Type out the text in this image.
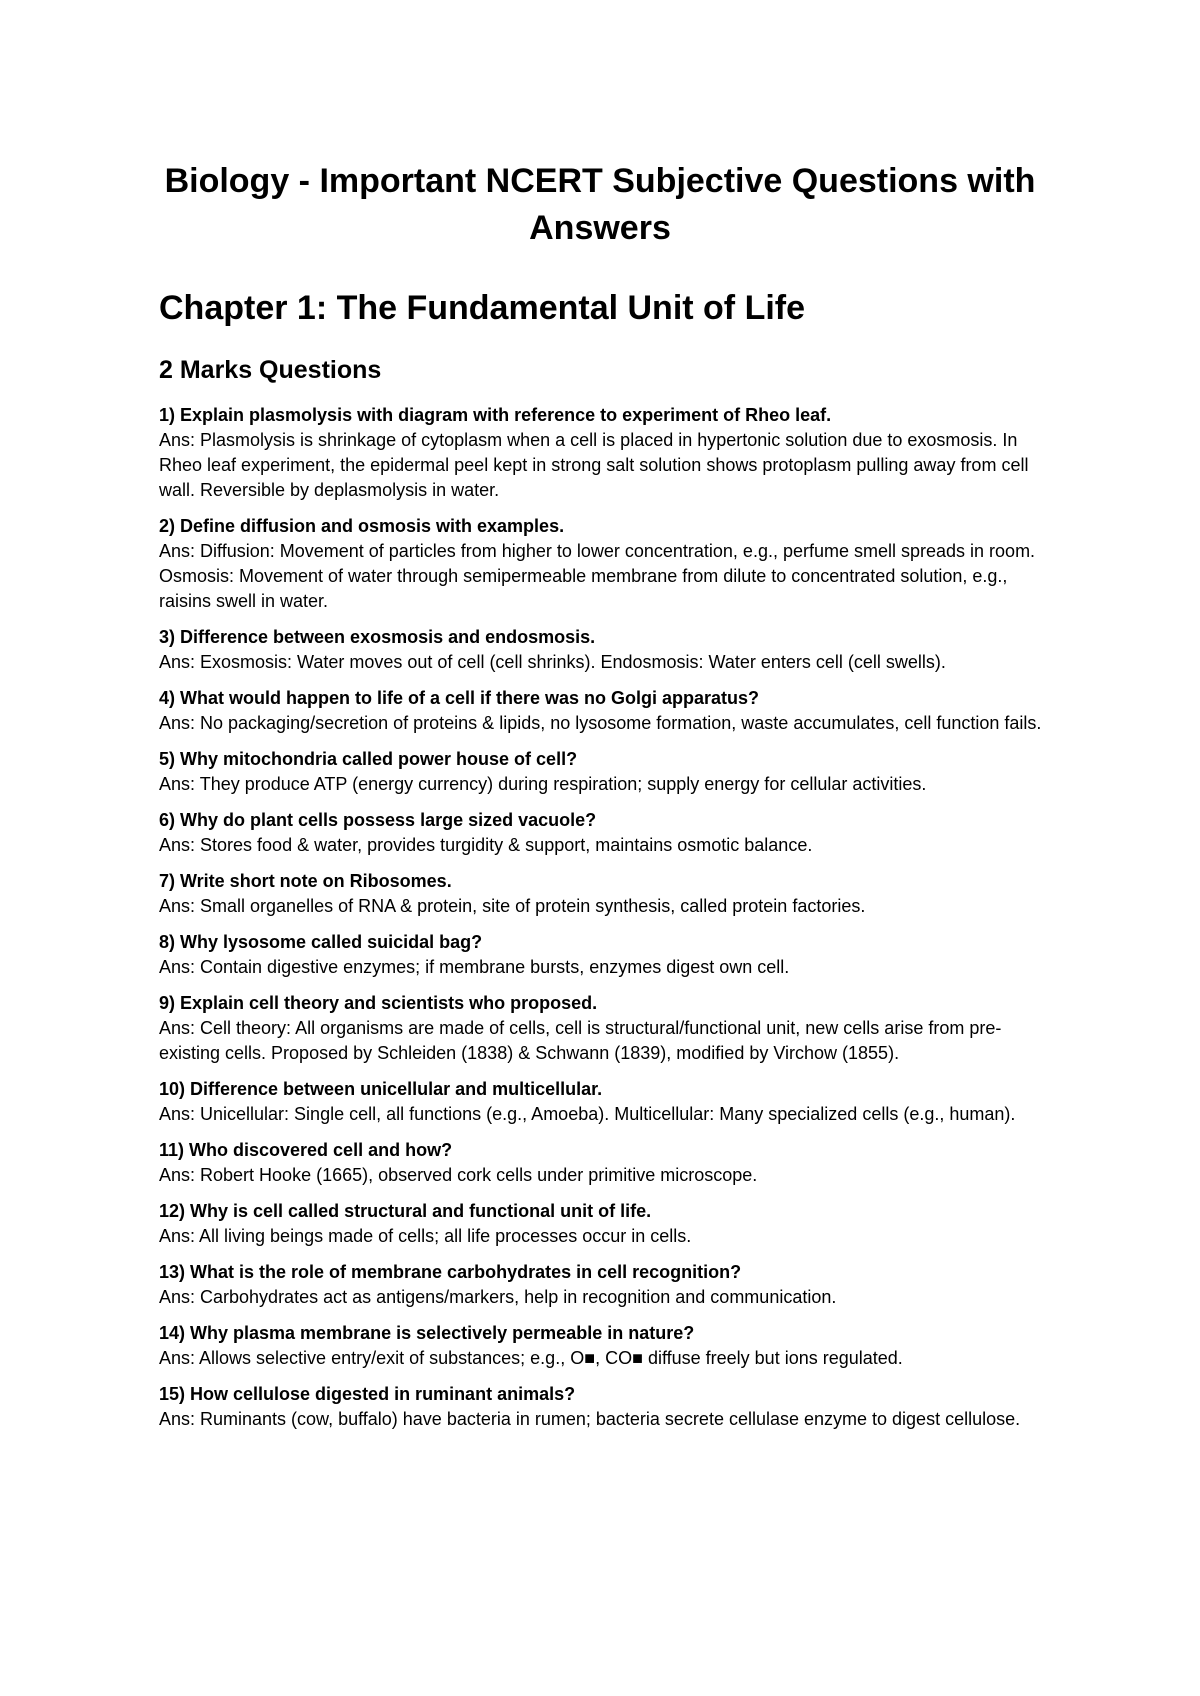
Biology - Important NCERT Subjective Questions with Answers
Chapter 1: The Fundamental Unit of Life
2 Marks Questions

1) Explain plasmolysis with diagram with reference to experiment of Rheo leaf.

Ans: Plasmolysis is shrinkage of cytoplasm when a cell is placed in hypertonic solution due to exosmosis. In Rheo leaf experiment, the epidermal peel kept in strong salt solution shows protoplasm pulling away from cell wall. Reversible by deplasmolysis in water.

2) Define diffusion and osmosis with examples.

Ans: Diffusion: Movement of particles from higher to lower concentration, e.g., perfume smell spreads in room. Osmosis: Movement of water through semipermeable membrane from dilute to concentrated solution, e.g., raisins swell in water.

3) Difference between exosmosis and endosmosis.

Ans: Exosmosis: Water moves out of cell (cell shrinks). Endosmosis: Water enters cell (cell swells).

4) What would happen to life of a cell if there was no Golgi apparatus?

Ans: No packaging/secretion of proteins & lipids, no lysosome formation, waste accumulates, cell function fails.

5) Why mitochondria called power house of cell?

Ans: They produce ATP (energy currency) during respiration; supply energy for cellular activities.

6) Why do plant cells possess large sized vacuole?

Ans: Stores food & water, provides turgidity & support, maintains osmotic balance.

7) Write short note on Ribosomes.

Ans: Small organelles of RNA & protein, site of protein synthesis, called protein factories.

8) Why lysosome called suicidal bag?

Ans: Contain digestive enzymes; if membrane bursts, enzymes digest own cell.

9) Explain cell theory and scientists who proposed.

Ans: Cell theory: All organisms are made of cells, cell is structural/functional unit, new cells arise from pre-existing cells. Proposed by Schleiden (1838) & Schwann (1839), modified by Virchow (1855).

10) Difference between unicellular and multicellular.

Ans: Unicellular: Single cell, all functions (e.g., Amoeba). Multicellular: Many specialized cells (e.g., human).

11) Who discovered cell and how?

Ans: Robert Hooke (1665), observed cork cells under primitive microscope.

12) Why is cell called structural and functional unit of life.

Ans: All living beings made of cells; all life processes occur in cells.

13) What is the role of membrane carbohydrates in cell recognition?

Ans: Carbohydrates act as antigens/markers, help in recognition and communication.

14) Why plasma membrane is selectively permeable in nature?

Ans: Allows selective entry/exit of substances; e.g., O■, CO■ diffuse freely but ions regulated.

15) How cellulose digested in ruminant animals?

Ans: Ruminants (cow, buffalo) have bacteria in rumen; bacteria secrete cellulase enzyme to digest cellulose.
